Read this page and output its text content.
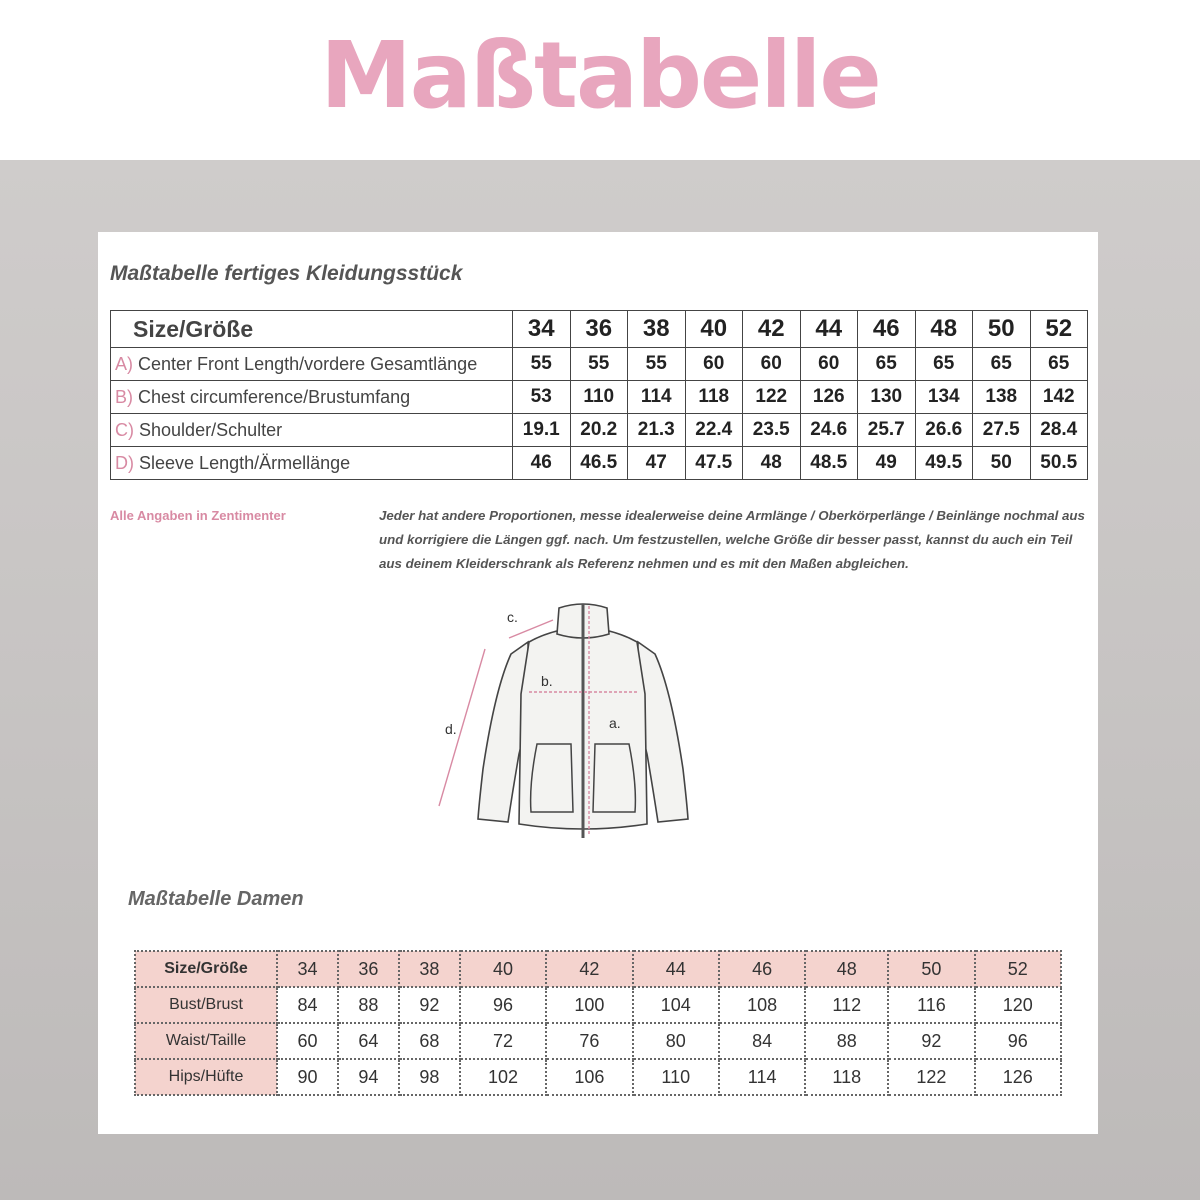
Maßtabelle
Maßtabelle fertiges Kleidungsstück
Size/Größe	34	36	38	40	42	44	46	48	50	52
A) Center Front Length/vordere Gesamtlänge	55	55	55	60	60	60	65	65	65	65
B) Chest circumference/Brustumfang	53	110	114	118	122	126	130	134	138	142
C) Shoulder/Schulter	19.1	20.2	21.3	22.4	23.5	24.6	25.7	26.6	27.5	28.4
D) Sleeve Length/Ärmellänge	46	46.5	47	47.5	48	48.5	49	49.5	50	50.5
Alle Angaben in Zentimenter	Jeder hat andere Proportionen, messe idealerweise deine Armlänge / Oberkörperlänge / Beinlänge nochmal aus und korrigiere die Längen ggf. nach. Um festzustellen, welche Größe dir besser passt, kannst du auch ein Teil aus deinem Kleiderschrank als Referenz nehmen und es mit den Maßen abgleichen.
a.
b.
c.
d.
Maßtabelle Damen
Size/Größe	34	36	38	40	42	44	46	48	50	52
Bust/Brust	84	88	92	96	100	104	108	112	116	120
Waist/Taille	60	64	68	72	76	80	84	88	92	96
Hips/Hüfte	90	94	98	102	106	110	114	118	122	126
